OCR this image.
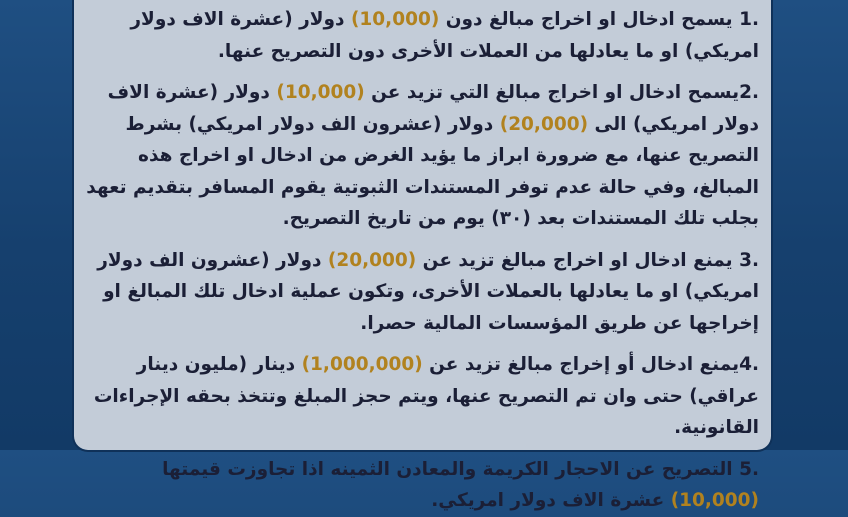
1. يسمح ادخال او اخراج مبالغ دون (10,000) دولار (عشرة الاف دولار امريكي) او ما يعادلها من العملات الأخرى دون التصريح عنها.

2.يسمح ادخال او اخراج مبالغ التي تزيد عن (10,000) دولار (عشرة الاف دولار امريكي) الى (20,000) دولار (عشرون الف دولار امريكي) بشرط التصريح عنها، مع ضرورة ابراز ما يؤيد الغرض من ادخال او اخراج هذه المبالغ، وفي حالة عدم توفر المستندات الثبوتية يقوم المسافر بتقديم تعهد بجلب تلك المستندات بعد (٣٠) يوم من تاريخ التصريح.

3. يمنع ادخال او اخراج مبالغ تزيد عن (20,000) دولار (عشرون الف دولار امريكي) او ما يعادلها بالعملات الأخرى، وتكون عملية ادخال تلك المبالغ او إخراجها عن طريق المؤسسات المالية حصرا.

4.يمنع ادخال أو إخراج مبالغ تزيد عن (1,000,000) دينار (مليون دينار عراقي) حتى وان تم التصريح عنها، ويتم حجز المبلغ وتتخذ بحقه الإجراءات القانونية.

5. التصريح عن الاحجار الكريمة والمعادن الثمينه اذا تجاوزت قيمتها (10,000) عشرة الاف دولار امريكي.
